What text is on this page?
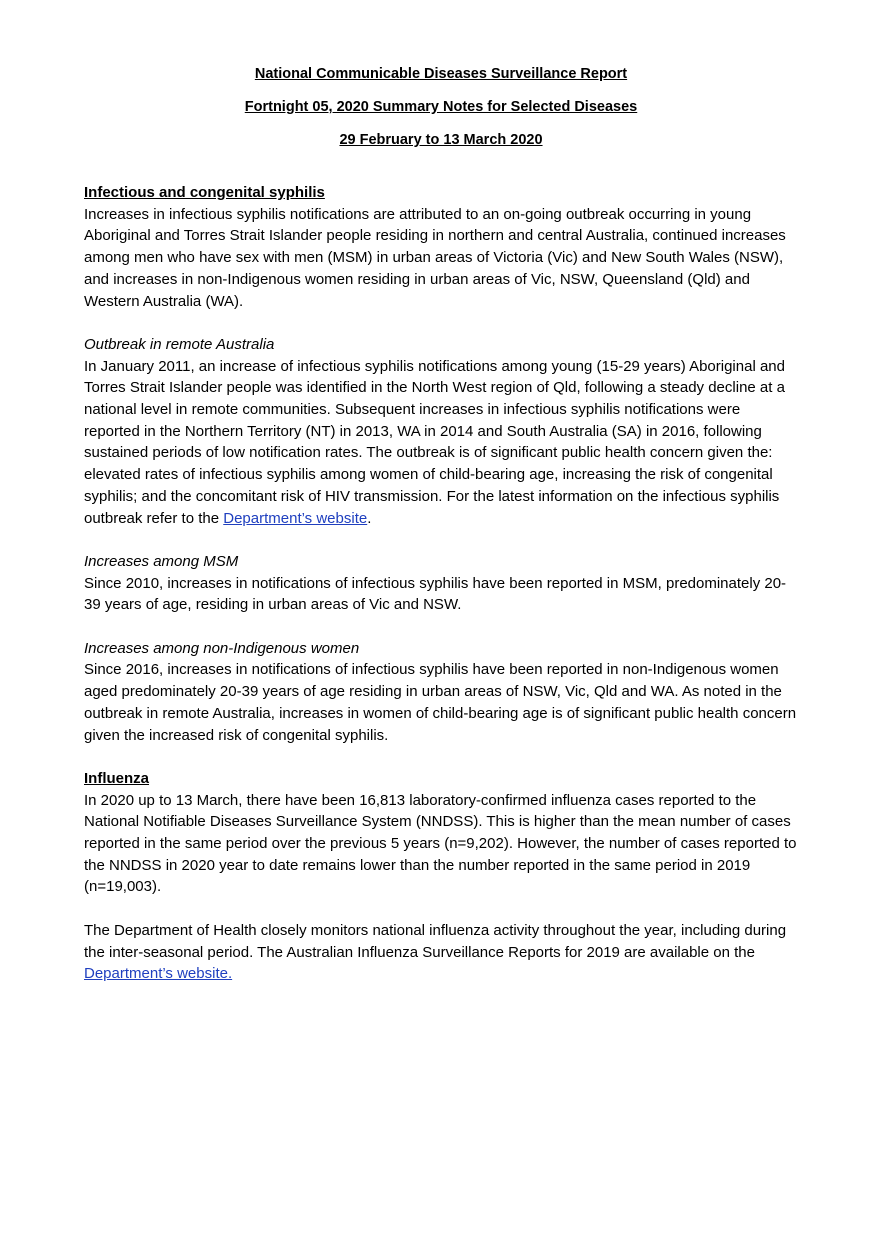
National Communicable Diseases Surveillance Report
Fortnight 05, 2020 Summary Notes for Selected Diseases
29 February to 13 March 2020

Infectious and congenital syphilis

Increases in infectious syphilis notifications are attributed to an on-going outbreak occurring in young Aboriginal and Torres Strait Islander people residing in northern and central Australia, continued increases among men who have sex with men (MSM) in urban areas of Victoria (Vic) and New South Wales (NSW), and increases in non-Indigenous women residing in urban areas of Vic, NSW, Queensland (Qld) and Western Australia (WA).

Outbreak in remote Australia

In January 2011, an increase of infectious syphilis notifications among young (15-29 years) Aboriginal and Torres Strait Islander people was identified in the North West region of Qld, following a steady decline at a national level in remote communities. Subsequent increases in infectious syphilis notifications were reported in the Northern Territory (NT) in 2013, WA in 2014 and South Australia (SA) in 2016, following sustained periods of low notification rates. The outbreak is of significant public health concern given the: elevated rates of infectious syphilis among women of child-bearing age, increasing the risk of congenital syphilis; and the concomitant risk of HIV transmission. For the latest information on the infectious syphilis outbreak refer to the Department’s website.

Increases among MSM

Since 2010, increases in notifications of infectious syphilis have been reported in MSM, predominately 20-39 years of age, residing in urban areas of Vic and NSW.

Increases among non-Indigenous women

Since 2016, increases in notifications of infectious syphilis have been reported in non-Indigenous women aged predominately 20-39 years of age residing in urban areas of NSW, Vic, Qld and WA. As noted in the outbreak in remote Australia, increases in women of child-bearing age is of significant public health concern given the increased risk of congenital syphilis.

Influenza

In 2020 up to 13 March, there have been 16,813 laboratory-confirmed influenza cases reported to the National Notifiable Diseases Surveillance System (NNDSS). This is higher than the mean number of cases reported in the same period over the previous 5 years (n=9,202). However, the number of cases reported to the NNDSS in 2020 year to date remains lower than the number reported in the same period in 2019 (n=19,003).

The Department of Health closely monitors national influenza activity throughout the year, including during the inter-seasonal period. The Australian Influenza Surveillance Reports for 2019 are available on the Department’s website.
